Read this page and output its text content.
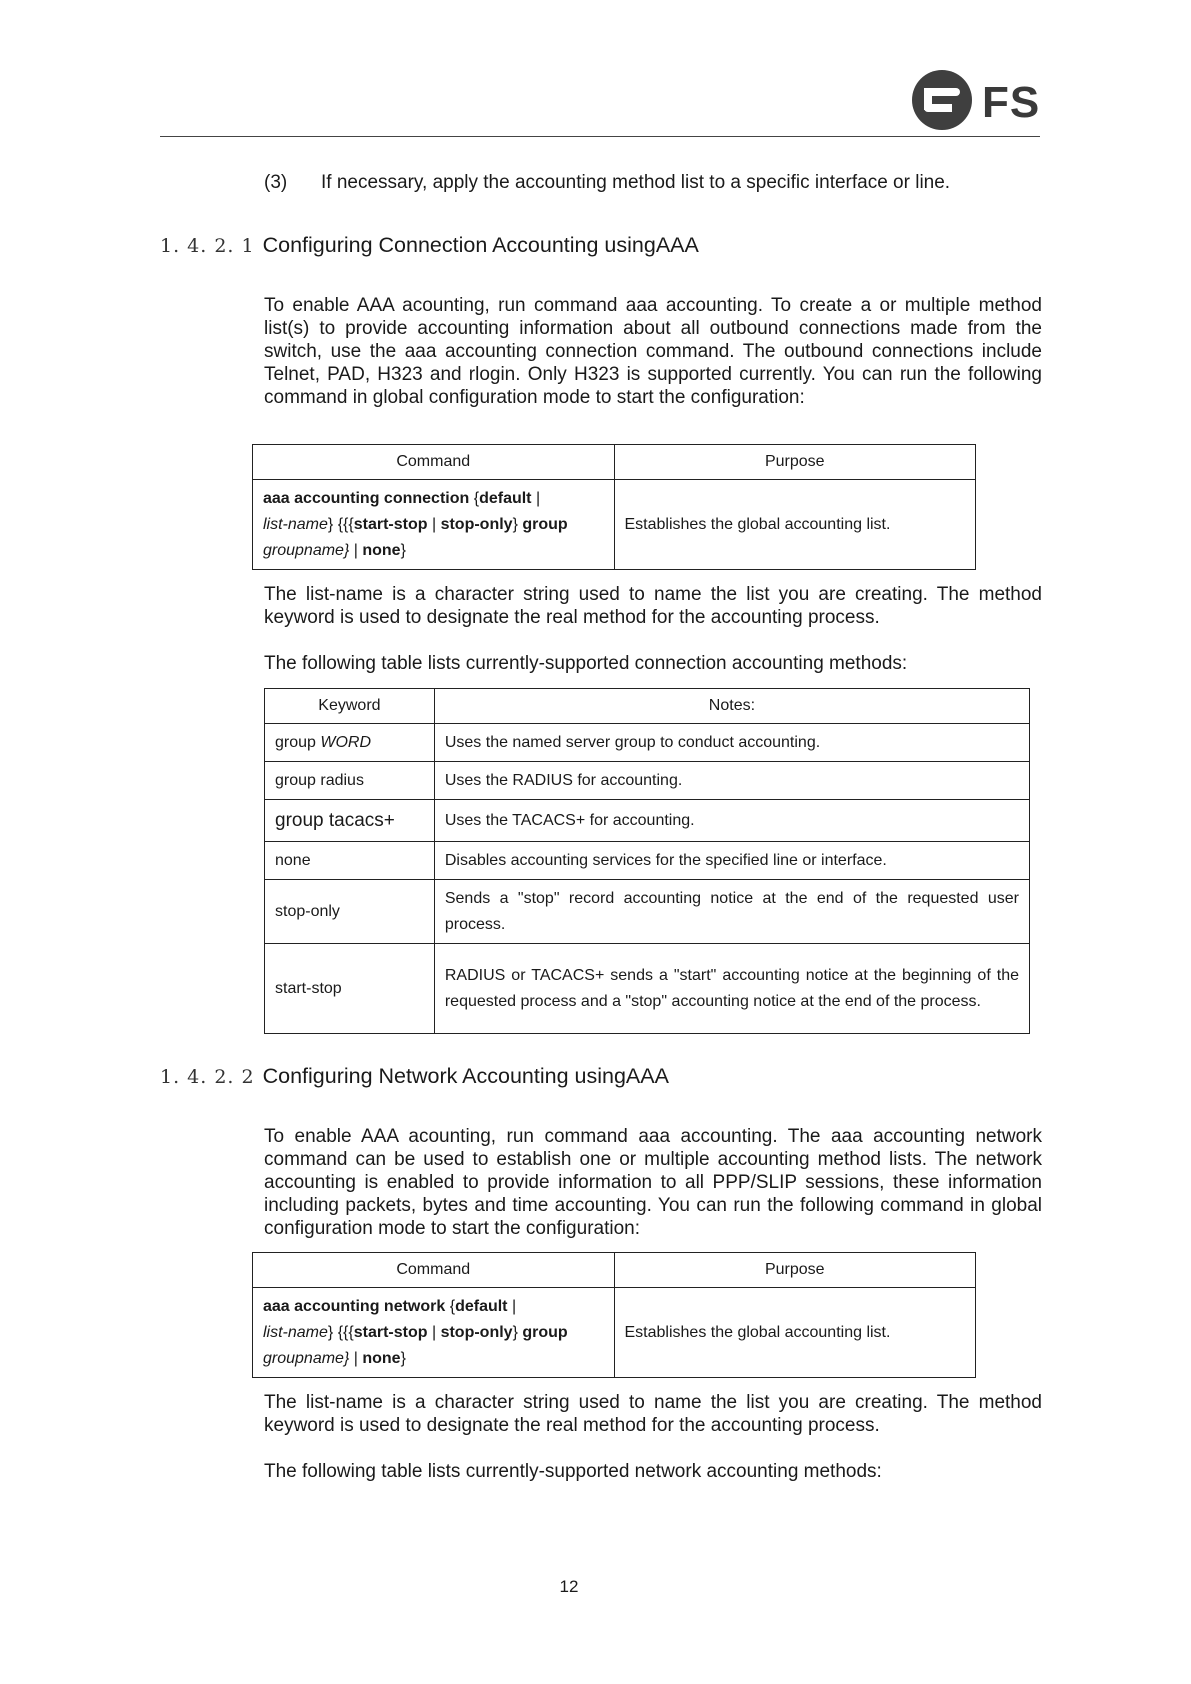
FS
(3) If necessary, apply the accounting method list to a specific interface or line.
1. 4. 2. 1 Configuring Connection Accounting usingAAA

To enable AAA acounting, run command aaa accounting. To create a or multiple method list(s) to provide accounting information about all outbound connections made from the switch, use the aaa accounting connection command. The outbound connections include Telnet, PAD, H323 and rlogin. Only H323 is supported currently. You can run the following command in global configuration mode to start the configuration:

Command	Purpose
aaa accounting connection {default |
list-name} {{{start-stop | stop-only} group
groupname} | none}	Establishes the global accounting list.

The list-name is a character string used to name the list you are creating. The method keyword is used to designate the real method for the accounting process.

The following table lists currently-supported connection accounting methods:

Keyword	Notes:
group WORD	Uses the named server group to conduct accounting.
group radius	Uses the RADIUS for accounting.
group tacacs+	Uses the TACACS+ for accounting.
none	Disables accounting services for the specified line or interface.
stop-only	Sends a "stop" record accounting notice at the end of the requested user process.
start-stop	RADIUS or TACACS+ sends a "start" accounting notice at the beginning of the requested process and a "stop" accounting notice at the end of the process.
1. 4. 2. 2 Configuring Network Accounting usingAAA

To enable AAA acounting, run command aaa accounting. The aaa accounting network command can be used to establish one or multiple accounting method lists. The network accounting is enabled to provide information to all PPP/SLIP sessions, these information including packets, bytes and time accounting. You can run the following command in global configuration mode to start the configuration:

Command	Purpose
aaa accounting network {default |
list-name} {{{start-stop | stop-only} group
groupname} | none}	Establishes the global accounting list.

The list-name is a character string used to name the list you are creating. The method keyword is used to designate the real method for the accounting process.

The following table lists currently-supported network accounting methods:

12
